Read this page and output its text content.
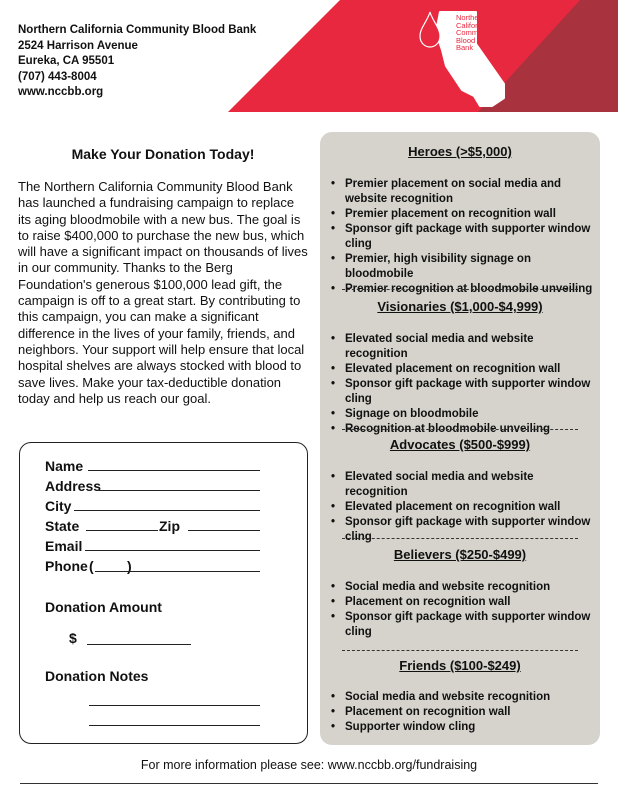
Northern
California
Community
Blood
Bank
Northern California Community Blood Bank
2524 Harrison Avenue
Eureka, CA 95501
(707) 443-8004
www.nccbb.org
Make Your Donation Today!
The Northern California Community Blood Bank has launched a fundraising campaign to replace its aging bloodmobile with a new bus. The goal is to raise $400,000 to purchase the new bus, which will have a significant impact on thousands of lives in our community. Thanks to the Berg Foundation's generous $100,000 lead gift, the campaign is off to a great start. By contributing to this campaign, you can make a significant difference in the lives of your family, friends, and neighbors. Your support will help ensure that local hospital shelves are always stocked with blood to save lives. Make your tax-deductible donation today and help us reach our goal.
Name
Address
City
State	Zip
Email
Phone ( )
Donation Amount
$
Donation Notes
Heroes (>$5,000)
• Premier placement on social media and website recognition
• Premier placement on recognition wall
• Sponsor gift package with supporter window cling
• Premier, high visibility signage on bloodmobile
• Premier recognition at bloodmobile unveiling
Visionaries ($1,000-$4,999)
• Elevated social media and website recognition
• Elevated placement on recognition wall
• Sponsor gift package with supporter window cling
• Signage on bloodmobile
• Recognition at bloodmobile unveiling
Advocates ($500-$999)
• Elevated social media and website recognition
• Elevated placement on recognition wall
• Sponsor gift package with supporter window cling
Believers ($250-$499)
• Social media and website recognition
• Placement on recognition wall
• Sponsor gift package with supporter window cling
Friends ($100-$249)
• Social media and website recognition
• Placement on recognition wall
• Supporter window cling
For more information please see: www.nccbb.org/fundraising
